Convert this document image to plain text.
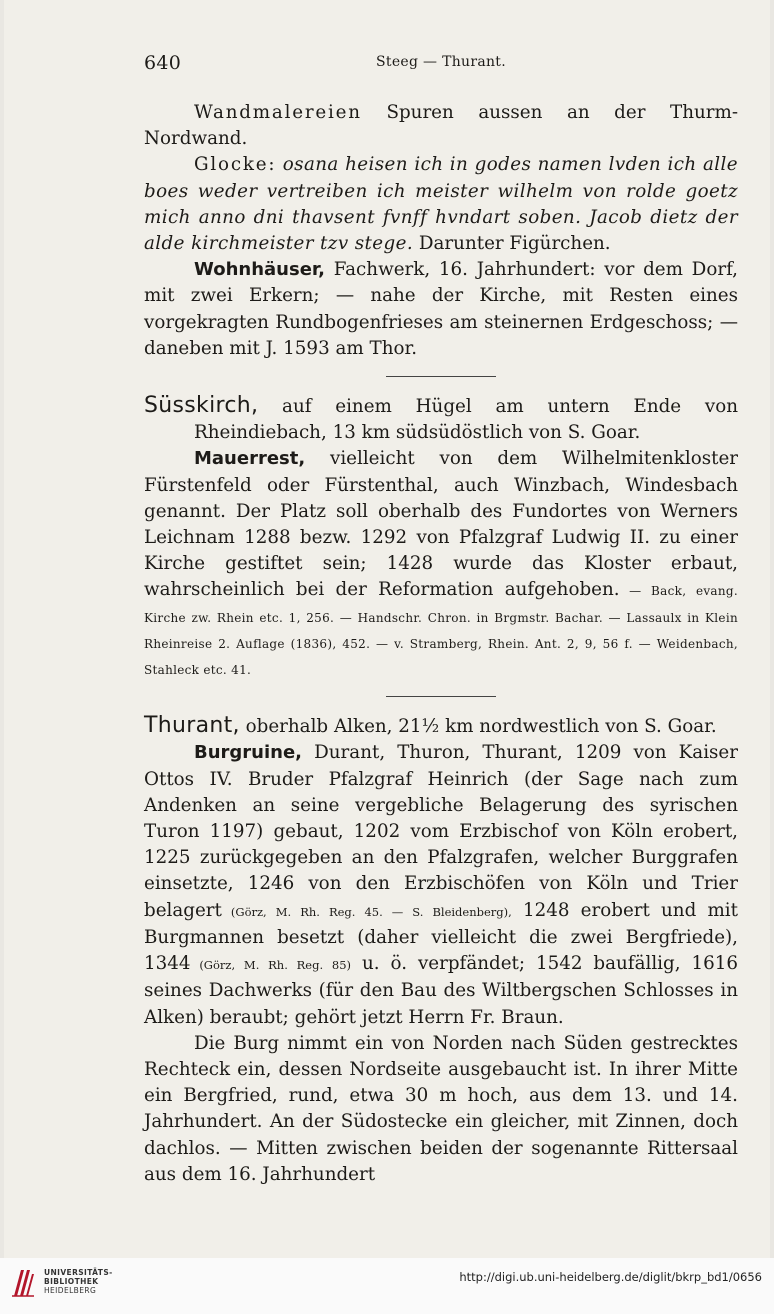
640	Steeg — Thurant.

Wandmalereien Spuren aussen an der Thurm-Nordwand.

Glocke: osana heisen ich in godes namen lvden ich alle boes weder vertreiben ich meister wilhelm von rolde goetz mich anno dni thavsent fvnff hvndart soben. Jacob dietz der alde kirchmeister tzv stege. Darunter Figürchen.

Wohnhäuser, Fachwerk, 16. Jahrhundert: vor dem Dorf, mit zwei Erkern; — nahe der Kirche, mit Resten eines vorgekragten Rundbogenfrieses am steinernen Erdgeschoss; — daneben mit J. 1593 am Thor.

Süsskirch, auf einem Hügel am untern Ende von Rheindiebach, 13 km südsüdöstlich von S. Goar.

Mauerrest, vielleicht von dem Wilhelmitenkloster Fürstenfeld oder Fürstenthal, auch Winzbach, Windesbach genannt. Der Platz soll oberhalb des Fundortes von Werners Leichnam 1288 bezw. 1292 von Pfalzgraf Ludwig II. zu einer Kirche gestiftet sein; 1428 wurde das Kloster erbaut, wahrscheinlich bei der Reformation aufgehoben. — Back, evang. Kirche zw. Rhein etc. 1, 256. — Handschr. Chron. in Brgmstr. Bachar. — Lassaulx in Klein Rheinreise 2. Auflage (1836), 452. — v. Stramberg, Rhein. Ant. 2, 9, 56 f. — Weidenbach, Stahleck etc. 41.

Thurant, oberhalb Alken, 21½ km nordwestlich von S. Goar.

Burgruine, Durant, Thuron, Thurant, 1209 von Kaiser Ottos IV. Bruder Pfalzgraf Heinrich (der Sage nach zum Andenken an seine vergebliche Belagerung des syrischen Turon 1197) gebaut, 1202 vom Erzbischof von Köln erobert, 1225 zurückgegeben an den Pfalzgrafen, welcher Burggrafen einsetzte, 1246 von den Erzbischöfen von Köln und Trier belagert (Görz, M. Rh. Reg. 45. — S. Bleidenberg), 1248 erobert und mit Burgmannen besetzt (daher vielleicht die zwei Bergfriede), 1344 (Görz, M. Rh. Reg. 85) u. ö. verpfändet; 1542 baufällig, 1616 seines Dachwerks (für den Bau des Wiltbergschen Schlosses in Alken) beraubt; gehört jetzt Herrn Fr. Braun.

Die Burg nimmt ein von Norden nach Süden gestrecktes Rechteck ein, dessen Nordseite ausgebaucht ist. In ihrer Mitte ein Bergfried, rund, etwa 30 m hoch, aus dem 13. und 14. Jahrhundert. An der Südostecke ein gleicher, mit Zinnen, doch dachlos. — Mitten zwischen beiden der sogenannte Rittersaal aus dem 16. Jahrhundert

UNIVERSITÄTS-
BIBLIOTHEK
HEIDELBERG
http://digi.ub.uni-heidelberg.de/diglit/bkrp_bd1/0656
